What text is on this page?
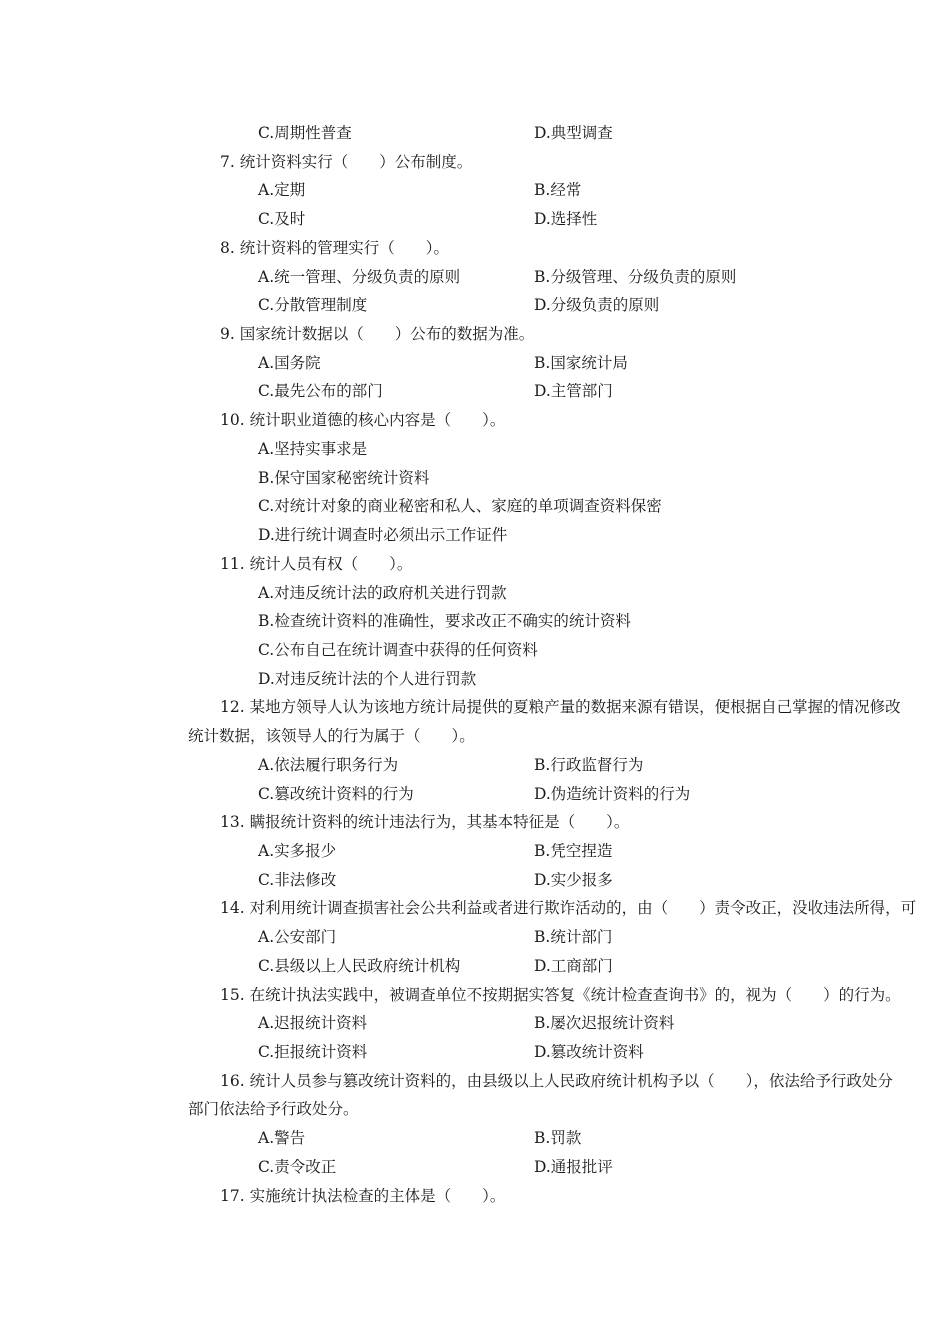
C.周期性普查	D.典型调查
7. 统计资料实行（　　）公布制度。
A.定期	B.经常
C.及时	D.选择性
8. 统计资料的管理实行（　　）。
A.统一管理、分级负责的原则	B.分级管理、分级负责的原则
C.分散管理制度	D.分级负责的原则
9. 国家统计数据以（　　）公布的数据为准。
A.国务院	B.国家统计局
C.最先公布的部门	D.主管部门
10. 统计职业道德的核心内容是（　　）。
A.坚持实事求是
B.保守国家秘密统计资料
C.对统计对象的商业秘密和私人、家庭的单项调查资料保密
D.进行统计调查时必须出示工作证件
11. 统计人员有权（　　）。
A.对违反统计法的政府机关进行罚款
B.检查统计资料的准确性，要求改正不确实的统计资料
C.公布自己在统计调查中获得的任何资料
D.对违反统计法的个人进行罚款
12. 某地方领导人认为该地方统计局提供的夏粮产量的数据来源有错误，便根据自己掌握的情况修改
统计数据，该领导人的行为属于（　　）。
A.依法履行职务行为	B.行政监督行为
C.篡改统计资料的行为	D.伪造统计资料的行为
13. 瞒报统计资料的统计违法行为，其基本特征是（　　）。
A.实多报少	B.凭空捏造
C.非法修改	D.实少报多
14. 对利用统计调查损害社会公共利益或者进行欺诈活动的，由（　　）责令改正，没收违法所得，可
A.公安部门	B.统计部门
C.县级以上人民政府统计机构	D.工商部门
15. 在统计执法实践中，被调查单位不按期据实答复《统计检查查询书》的，视为（　　）的行为。
A.迟报统计资料	B.屡次迟报统计资料
C.拒报统计资料	D.篡改统计资料
16. 统计人员参与篡改统计资料的，由县级以上人民政府统计机构予以（　　），依法给予行政处分
部门依法给予行政处分。
A.警告	B.罚款
C.责令改正	D.通报批评
17. 实施统计执法检查的主体是（　　）。
